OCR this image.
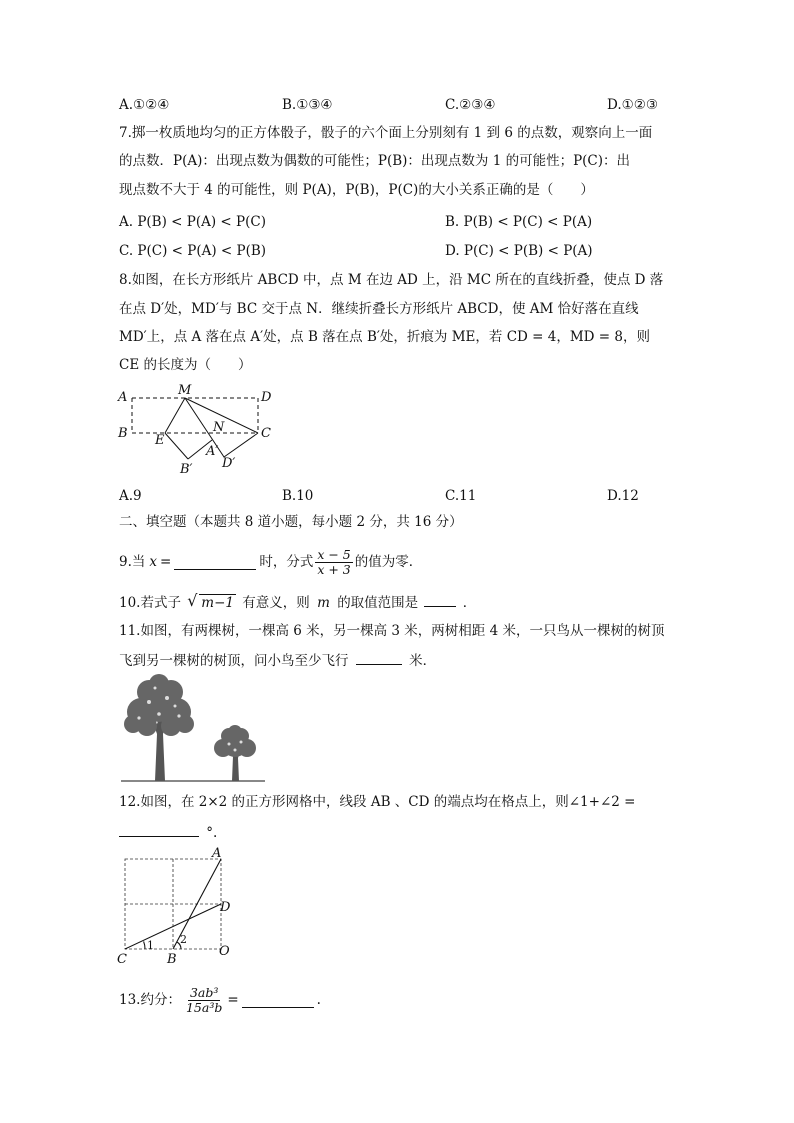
A.①②④	B.①③④	C.②③④	D.①②③
7.掷一枚质地均匀的正方体骰子，骰子的六个面上分别刻有 1 到 6 的点数，观察向上一面
的点数．P(A)：出现点数为偶数的可能性；P(B)：出现点数为 1 的可能性；P(C)：出
现点数不大于 4 的可能性，则 P(A)，P(B)，P(C)的大小关系正确的是（　　）
A. P(B) < P(A) < P(C)	B. P(B) < P(C) < P(A)
C. P(C) < P(A) < P(B)	D. P(C) < P(B) < P(A)
8.如图，在长方形纸片 ABCD 中，点 M 在边 AD 上，沿 MC 所在的直线折叠，使点 D 落
在点 D′处，MD′与 BC 交于点 N．继续折叠长方形纸片 ABCD，使 AM 恰好落在直线
MD′上，点 A 落在点 A′处，点 B 落在点 B′处，折痕为 ME，若 CD = 4，MD = 8，则
CE 的长度为（　　）
A	M	D
B E
N	C
A′
D′
B′
A.9	B.10	C.11	D.12
二、填空题（本题共 8 道小题，每小题 2 分，共 16 分）
9.当 x =	时，分式 $\frac{x - 5}{x + 3}$ 的值为零．
10.若式子 √ m−1 有意义，则 m 的取值范围是	．
11.如图，有两棵树，一棵高 6 米，另一棵高 3 米，两树相距 4 米，一只鸟从一棵树的树顶
飞到另一棵树的树顶，问小鸟至少飞行	米．
12.如图，在 2×2 的正方形网格中，线段 AB 、CD 的端点均在格点上，则∠1+∠2 =
°.
A
D
C	B
O
1 2
13.约分： $\frac{\text{3ab³}}{\text{15a³b}}$ =	.
